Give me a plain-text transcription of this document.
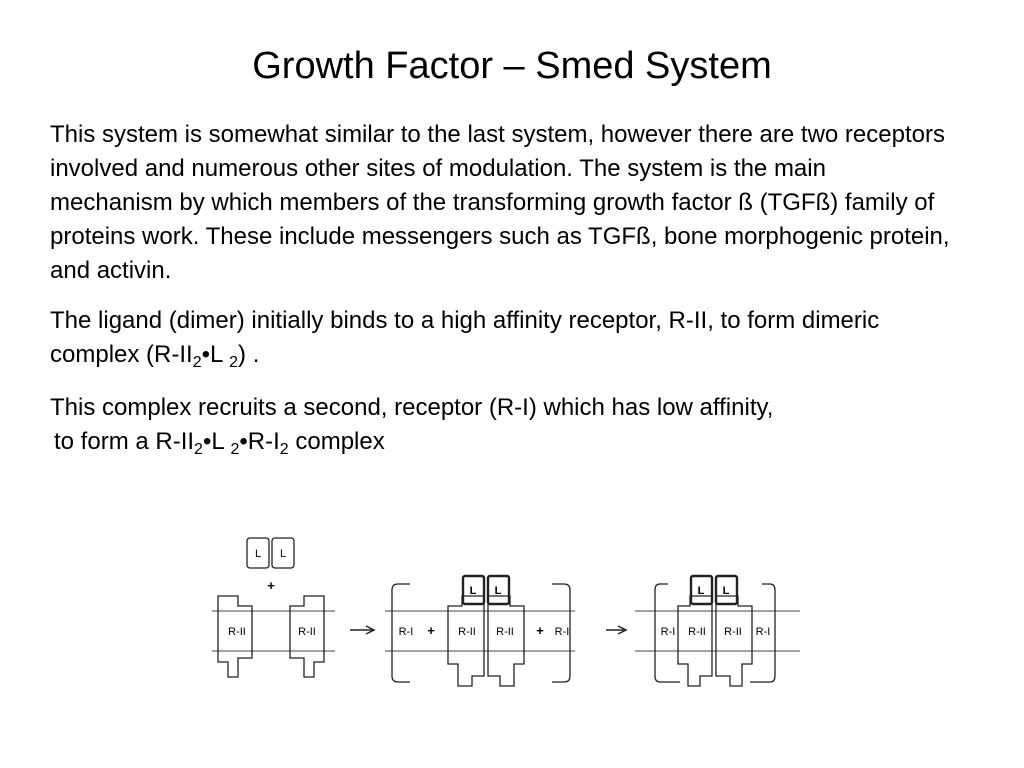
Growth Factor – Smed System
This system is somewhat similar to the last system, however there are two receptors involved and numerous other sites of modulation. The system is the main mechanism by which members of the transforming growth factor ß (TGFß) family of proteins work. These include messengers such as TGFß, bone morphogenic protein, and activin.
The ligand (dimer) initially binds to a high affinity receptor, R-II, to form dimeric complex ($R-II_2•L$ $_2$) .
This complex recruits a second, receptor (R-I) which has low affinity,
to form a $R-II_2•L$ $_2•R-I_2$ complex
L L
+
R-II	R-II	R-I + R-II R-II
L L
+ R-I	R-I R-II R-II R-I
L L
